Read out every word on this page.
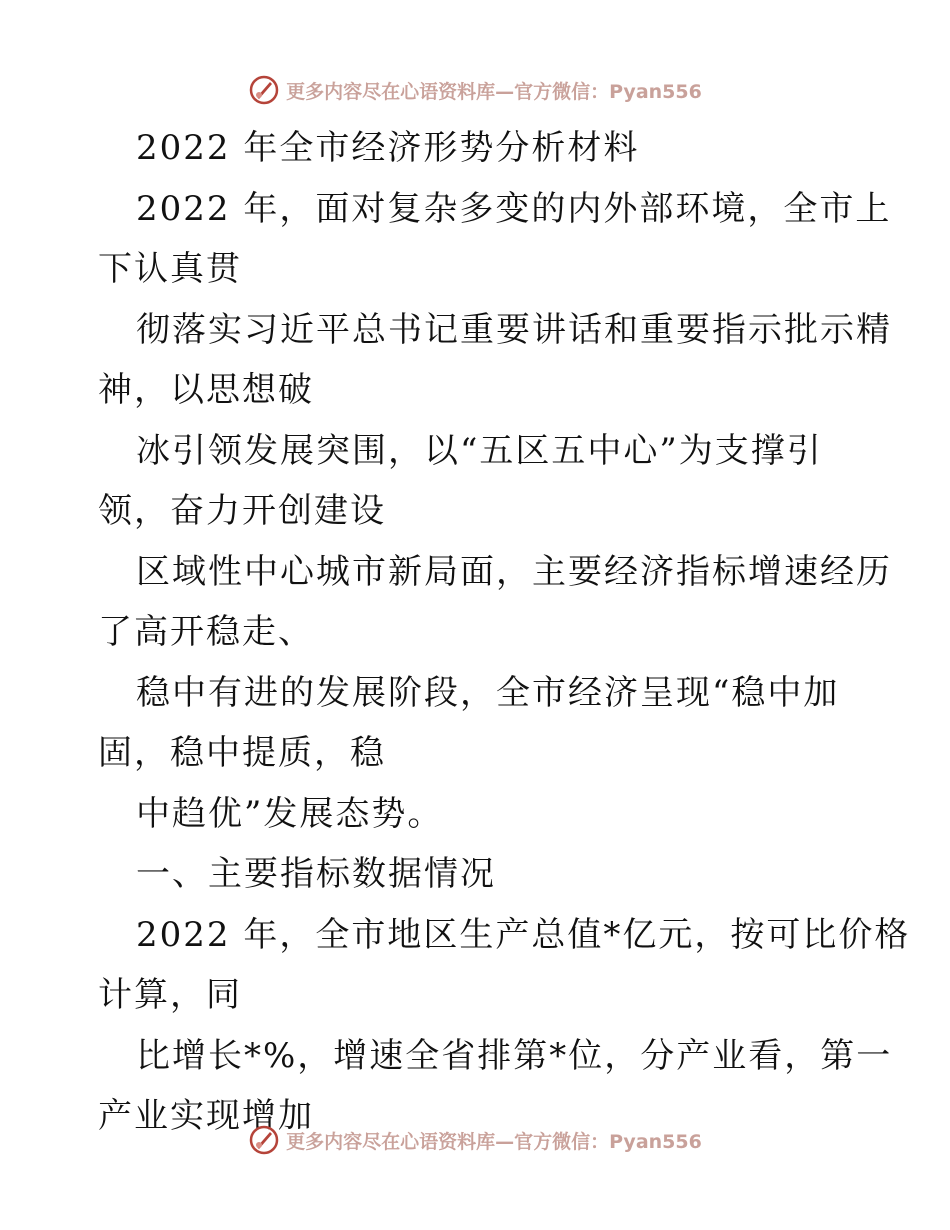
更多内容尽在心语资料库—官方微信：Pyan556
2022 年全市经济形势分析材料
2022 年，面对复杂多变的内外部环境，全市上
下认真贯
彻落实习近平总书记重要讲话和重要指示批示精
神，以思想破
冰引领发展突围，以“五区五中心”为支撑引
领，奋力开创建设
区域性中心城市新局面，主要经济指标增速经历
了高开稳走、
稳中有进的发展阶段，全市经济呈现“稳中加
固，稳中提质，稳
中趋优”发展态势。
一、主要指标数据情况
2022 年，全市地区生产总值*亿元，按可比价格
计算，同
比增长*%，增速全省排第*位，分产业看，第一
产业实现增加
更多内容尽在心语资料库—官方微信：Pyan556
